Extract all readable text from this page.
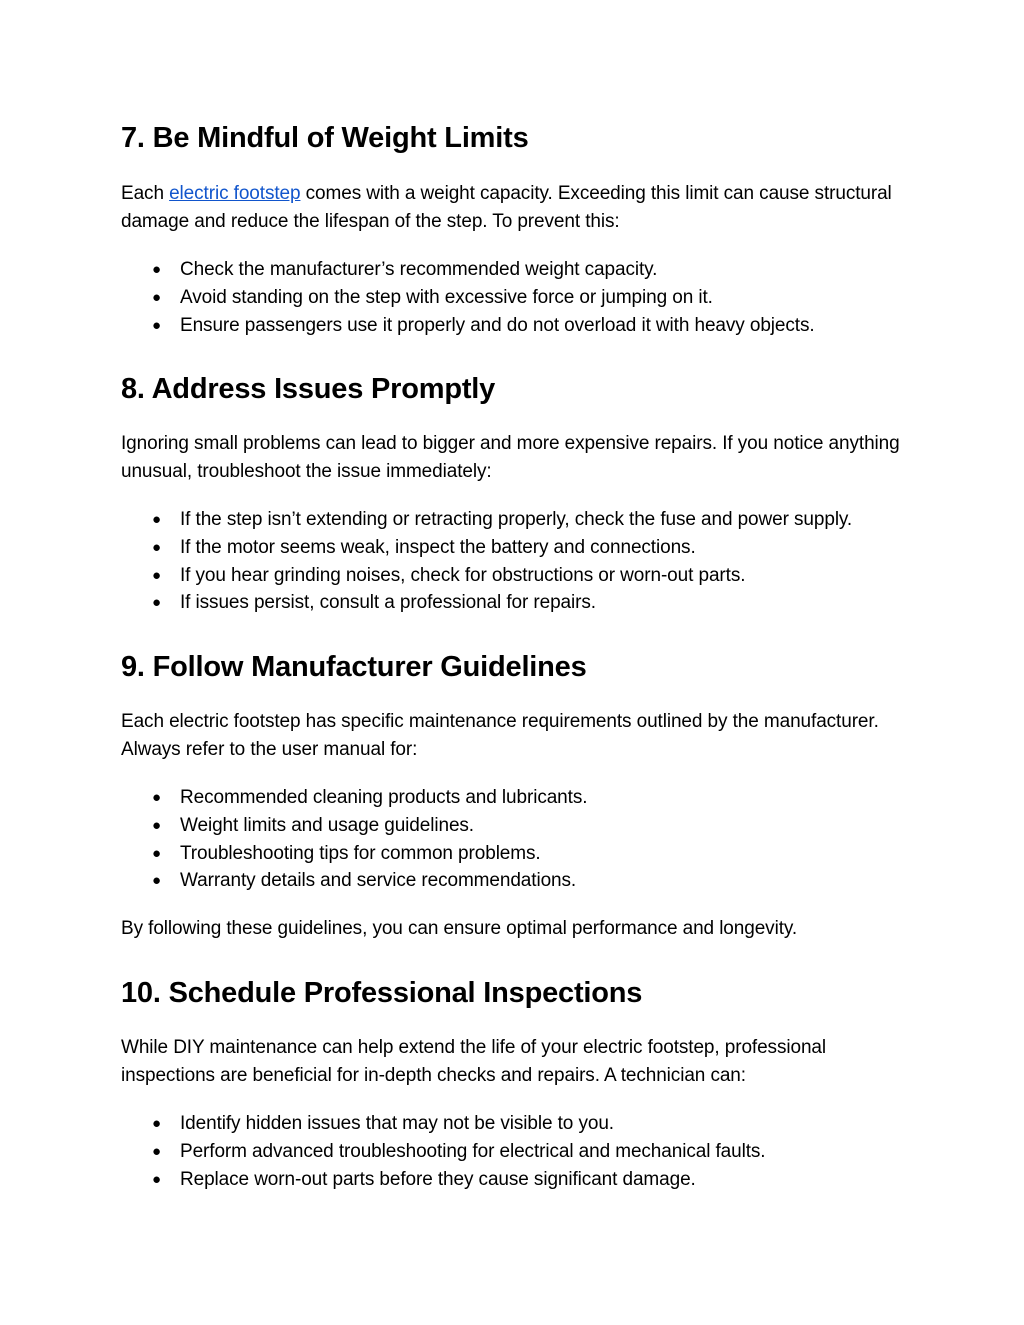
7. Be Mindful of Weight Limits

Each electric footstep comes with a weight capacity. Exceeding this limit can cause structural damage and reduce the lifespan of the step. To prevent this:

● Check the manufacturer’s recommended weight capacity.
● Avoid standing on the step with excessive force or jumping on it.
● Ensure passengers use it properly and do not overload it with heavy objects.
8. Address Issues Promptly

Ignoring small problems can lead to bigger and more expensive repairs. If you notice anything unusual, troubleshoot the issue immediately:

● If the step isn’t extending or retracting properly, check the fuse and power supply.
● If the motor seems weak, inspect the battery and connections.
● If you hear grinding noises, check for obstructions or worn-out parts.
● If issues persist, consult a professional for repairs.
9. Follow Manufacturer Guidelines

Each electric footstep has specific maintenance requirements outlined by the manufacturer. Always refer to the user manual for:

● Recommended cleaning products and lubricants.
● Weight limits and usage guidelines.
● Troubleshooting tips for common problems.
● Warranty details and service recommendations.

By following these guidelines, you can ensure optimal performance and longevity.

10. Schedule Professional Inspections

While DIY maintenance can help extend the life of your electric footstep, professional inspections are beneficial for in-depth checks and repairs. A technician can:

● Identify hidden issues that may not be visible to you.
● Perform advanced troubleshooting for electrical and mechanical faults.
● Replace worn-out parts before they cause significant damage.
